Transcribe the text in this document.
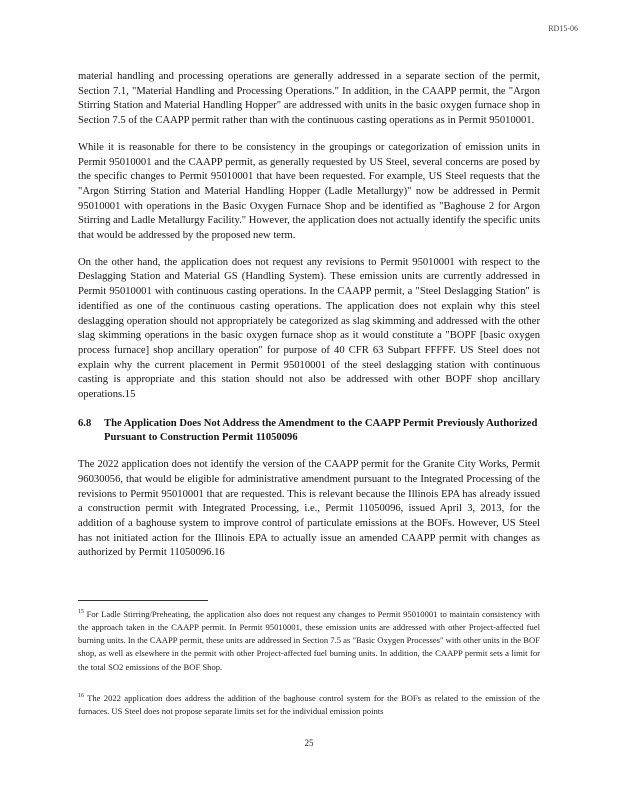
RD15-06

material handling and processing operations are generally addressed in a separate section of the permit, Section 7.1, "Material Handling and Processing Operations." In addition, in the CAAPP permit, the "Argon Stirring Station and Material Handling Hopper" are addressed with units in the basic oxygen furnace shop in Section 7.5 of the CAAPP permit rather than with the continuous casting operations as in Permit 95010001.

While it is reasonable for there to be consistency in the groupings or categorization of emission units in Permit 95010001 and the CAAPP permit, as generally requested by US Steel, several concerns are posed by the specific changes to Permit 95010001 that have been requested. For example, US Steel requests that the "Argon Stirring Station and Material Handling Hopper (Ladle Metallurgy)" now be addressed in Permit 95010001 with operations in the Basic Oxygen Furnace Shop and be identified as "Baghouse 2 for Argon Stirring and Ladle Metallurgy Facility." However, the application does not actually identify the specific units that would be addressed by the proposed new term.

On the other hand, the application does not request any revisions to Permit 95010001 with respect to the Deslagging Station and Material GS (Handling System). These emission units are currently addressed in Permit 95010001 with continuous casting operations. In the CAAPP permit, a "Steel Deslagging Station" is identified as one of the continuous casting operations. The application does not explain why this steel deslagging operation should not appropriately be categorized as slag skimming and addressed with the other slag skimming operations in the basic oxygen furnace shop as it would constitute a "BOPF [basic oxygen process furnace] shop ancillary operation" for purpose of 40 CFR 63 Subpart FFFFF. US Steel does not explain why the current placement in Permit 95010001 of the steel deslagging station with continuous casting is appropriate and this station should not also be addressed with other BOPF shop ancillary operations.15

6.8	The Application Does Not Address the Amendment to the CAAPP Permit Previously Authorized Pursuant to Construction Permit 11050096

The 2022 application does not identify the version of the CAAPP permit for the Granite City Works, Permit 96030056, that would be eligible for administrative amendment pursuant to the Integrated Processing of the revisions to Permit 95010001 that are requested. This is relevant because the Illinois EPA has already issued a construction permit with Integrated Processing, i.e., Permit 11050096, issued April 3, 2013, for the addition of a baghouse system to improve control of particulate emissions at the BOFs. However, US Steel has not initiated action for the Illinois EPA to actually issue an amended CAAPP permit with changes as authorized by Permit 11050096.16

$^{15}$ For Ladle Stirring/Preheating, the application also does not request any changes to Permit 95010001 to maintain consistency with the approach taken in the CAAPP permit. In Permit 95010001, these emission units are addressed with other Project-affected fuel burning units. In the CAAPP permit, these units are addressed in Section 7.5 as "Basic Oxygen Processes" with other units in the BOF shop, as well as elsewhere in the permit with other Project-affected fuel burning units. In addition, the CAAPP permit sets a limit for the total SO2 emissions of the BOF Shop.

$^{16}$ The 2022 application does address the addition of the baghouse control system for the BOFs as related to the emission of the furnaces. US Steel does not propose separate limits set for the individual emission points

25
